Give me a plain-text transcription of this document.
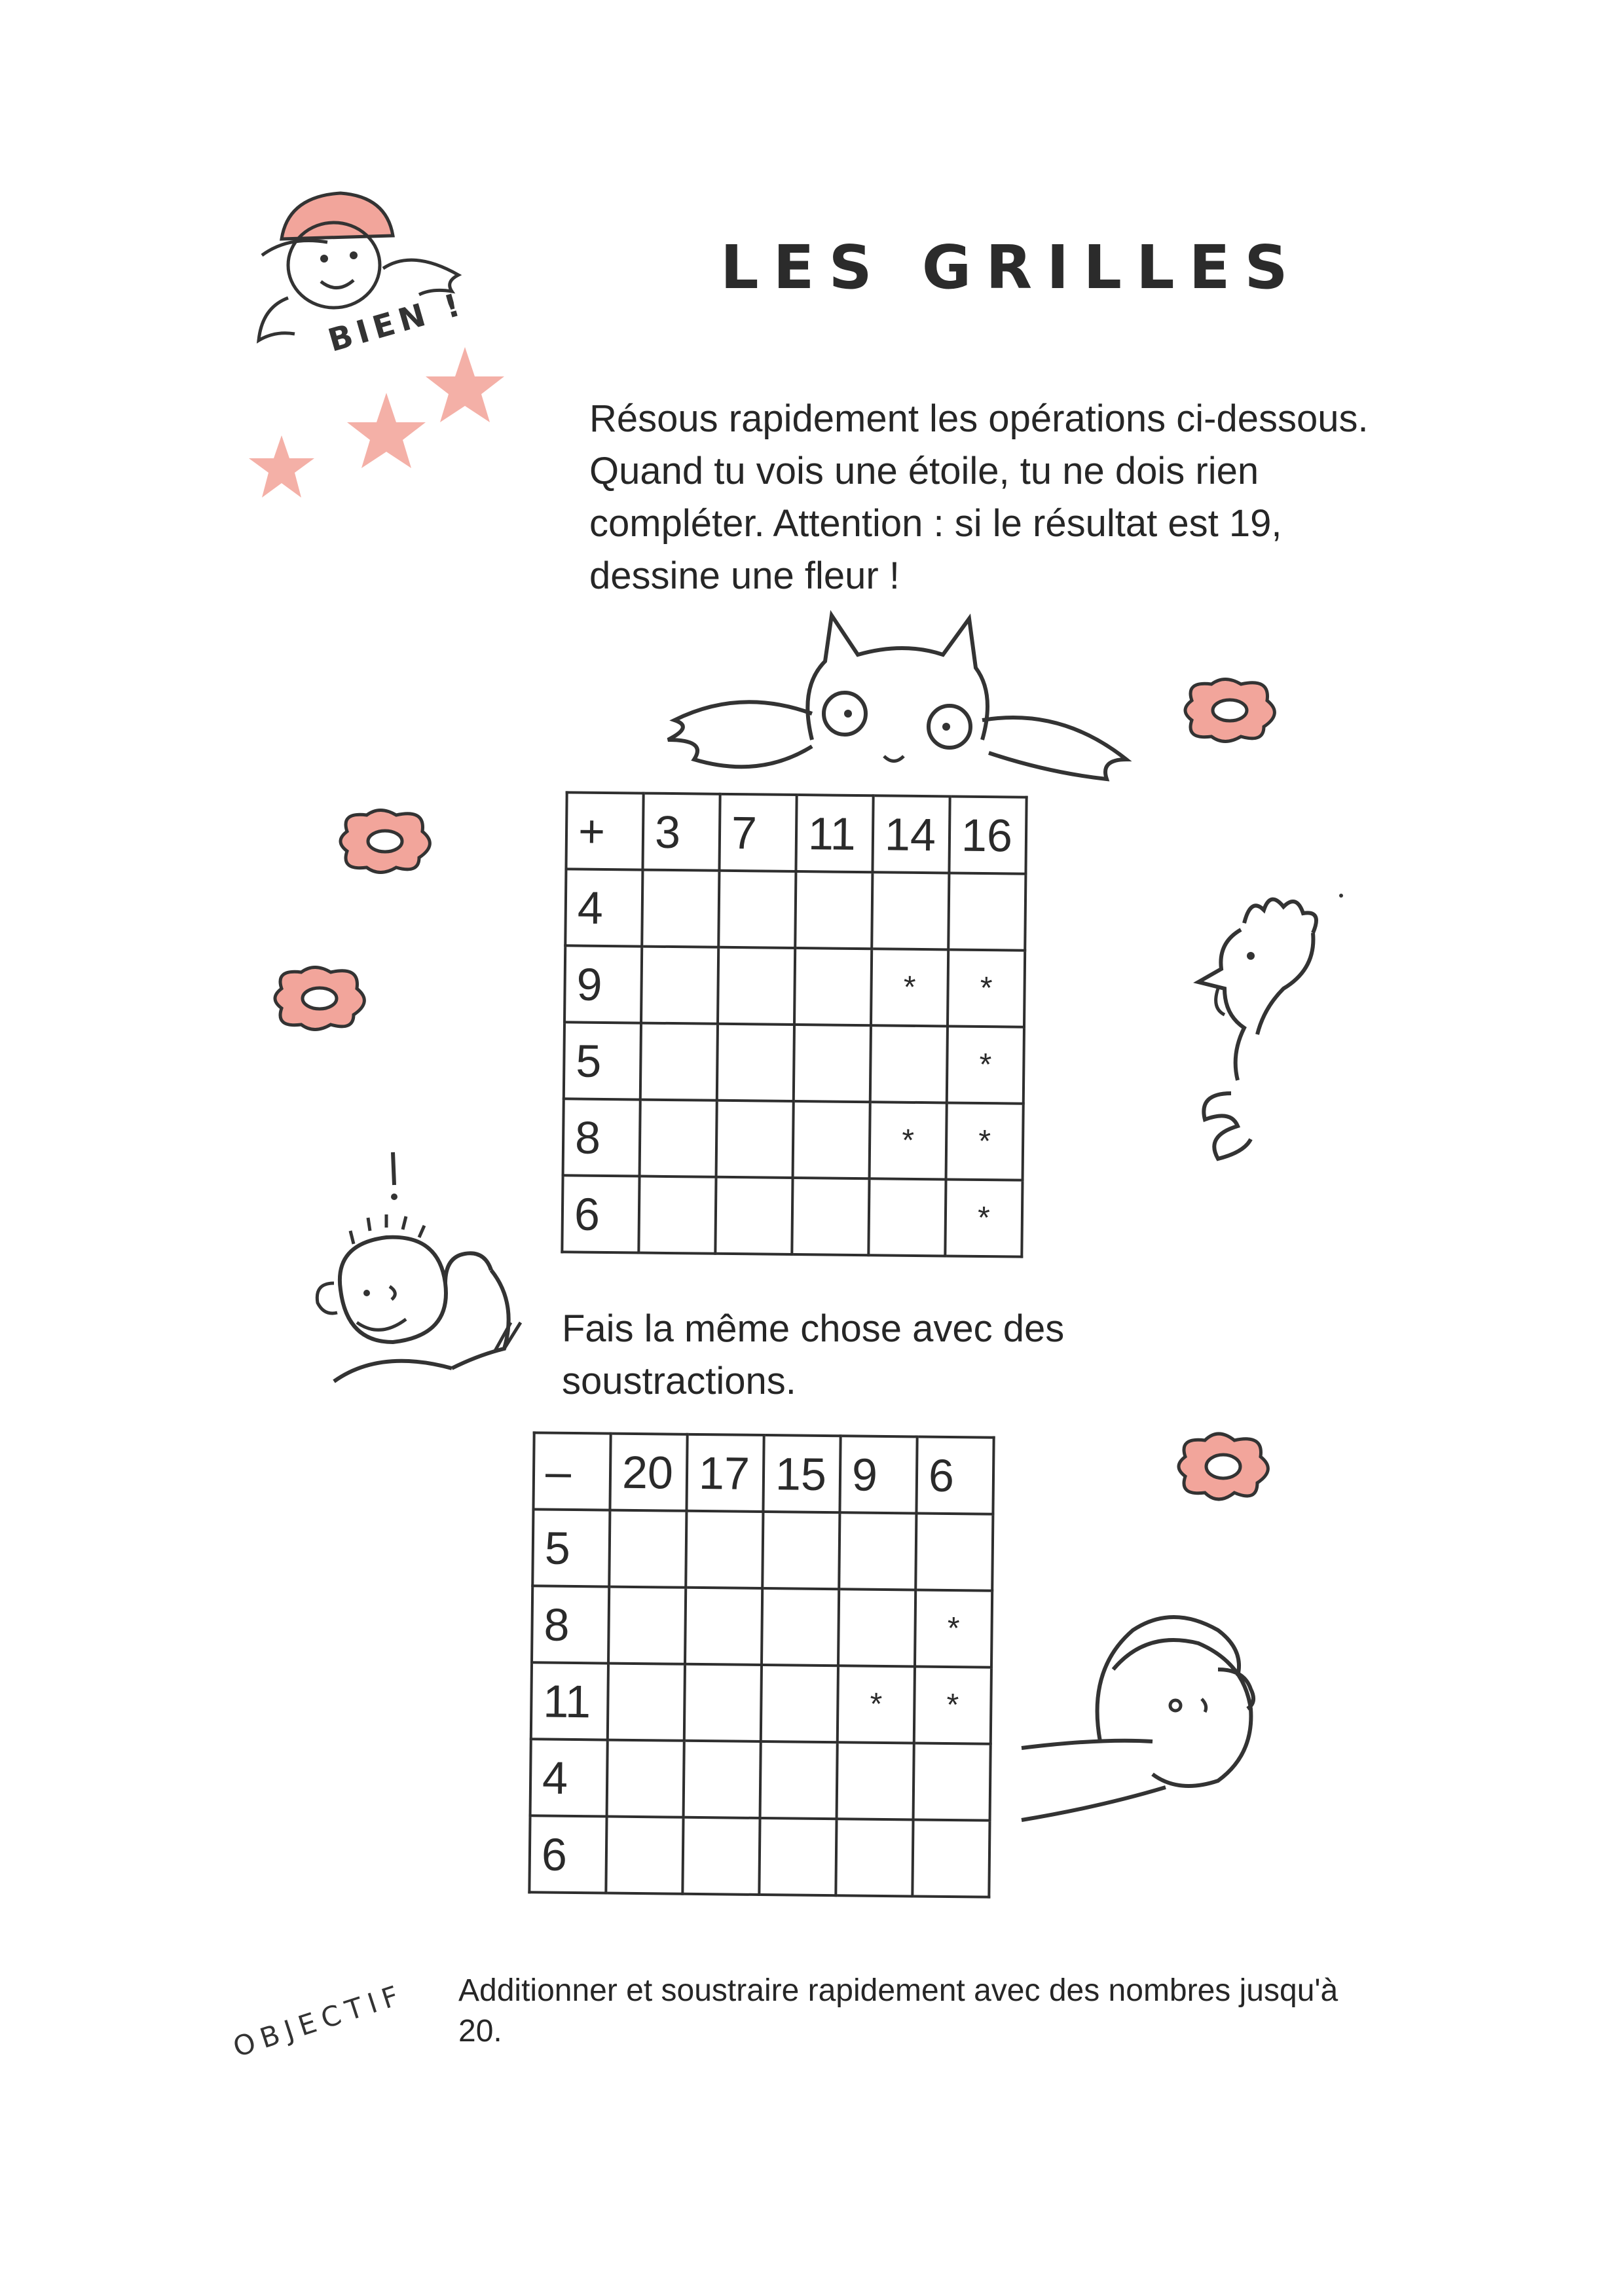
LES GRILLES
BIEN !
Résous rapidement les opérations ci-dessous. Quand tu vois une étoile, tu ne dois rien compléter. Attention : si le résultat est 19, dessine une fleur !
+	3	7	11	14	16
4					
9				*	*
5					*
8				*	*
6					*
Fais la même chose avec des soustractions.
–	20	17	15	9	6
5					
8					*
11				*	*
4					
6					
OBJECTIF Additionner et soustraire rapidement avec des nombres jusqu'à 20.
